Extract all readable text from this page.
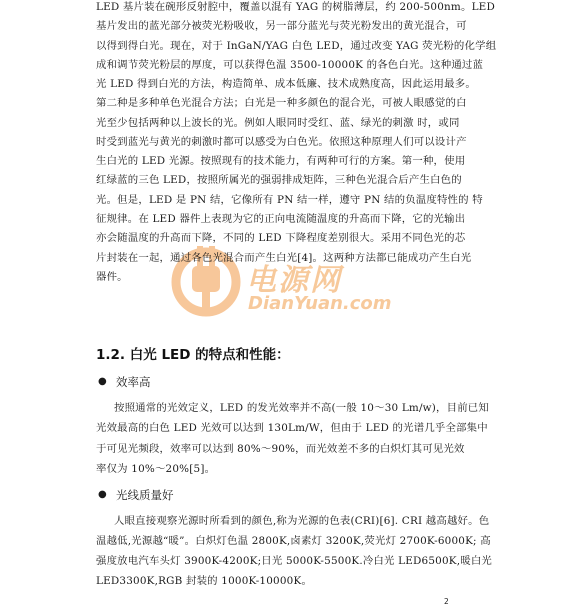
电源网

DianYuan.com

LED 基片装在碗形反射腔中，覆盖以混有 YAG 的树脂薄层，约 200-500nm。LED

基片发出的蓝光部分被荧光粉吸收，另一部分蓝光与荧光粉发出的黄光混合，可

以得到得白光。现在，对于 InGaN/YAG 白色 LED，通过改变 YAG 荧光粉的化学组

成和调节荧光粉层的厚度，可以获得色温 3500-10000K 的各色白光。这种通过蓝

光 LED 得到白光的方法，构造简单、成本低廉、技术成熟度高，因此运用最多。

第二种是多种单色光混合方法；白光是一种多颜色的混合光，可被人眼感觉的白

光至少包括两种以上波长的光。例如人眼同时受红、蓝、绿光的刺激 时，或同

时受到蓝光与黄光的刺激时都可以感受为白色光。依照这种原理人们可以设计产

生白光的 LED 光源。按照现有的技术能力，有两种可行的方案。第一种，使用

红绿蓝的三色 LED，按照所属光的强弱排成矩阵，三种色光混合后产生白色的

光。但是，LED 是 PN 结，它像所有 PN 结一样，遵守 PN 结的负温度特性的 特

征规律。在 LED 器件上表现为它的正向电流随温度的升高而下降，它的光输出

亦会随温度的升高而下降，不同的 LED 下降程度差别很大。采用不同色光的芯

片封装在一起，通过各色光混合而产生白光[4]。这两种方法都已能成功产生白光

器件。

1.2. 白光 LED 的特点和性能：
● 效率高

按照通常的光效定义，LED 的发光效率并不高(一般 10～30 Lm/w)，目前已知

光效最高的白色 LED 光效可以达到 130Lm/W，但由于 LED 的光谱几乎全部集中

于可见光频段，效率可以达到 80%～90%，而光效差不多的白炽灯其可见光效

率仅为 10%～20%[5]。

● 光线质量好

人眼直接观察光源时所看到的颜色,称为光源的色表(CRI)[6]. CRI 越高越好。色

温越低,光源越“暖”。白炽灯色温 2800K,卤素灯 3200K,荧光灯 2700K-6000K; 高

强度放电汽车头灯 3900K-4200K;日光 5000K-5500K.冷白光 LED6500K,暖白光

LED3300K,RGB 封装的 1000K-10000K。

2
